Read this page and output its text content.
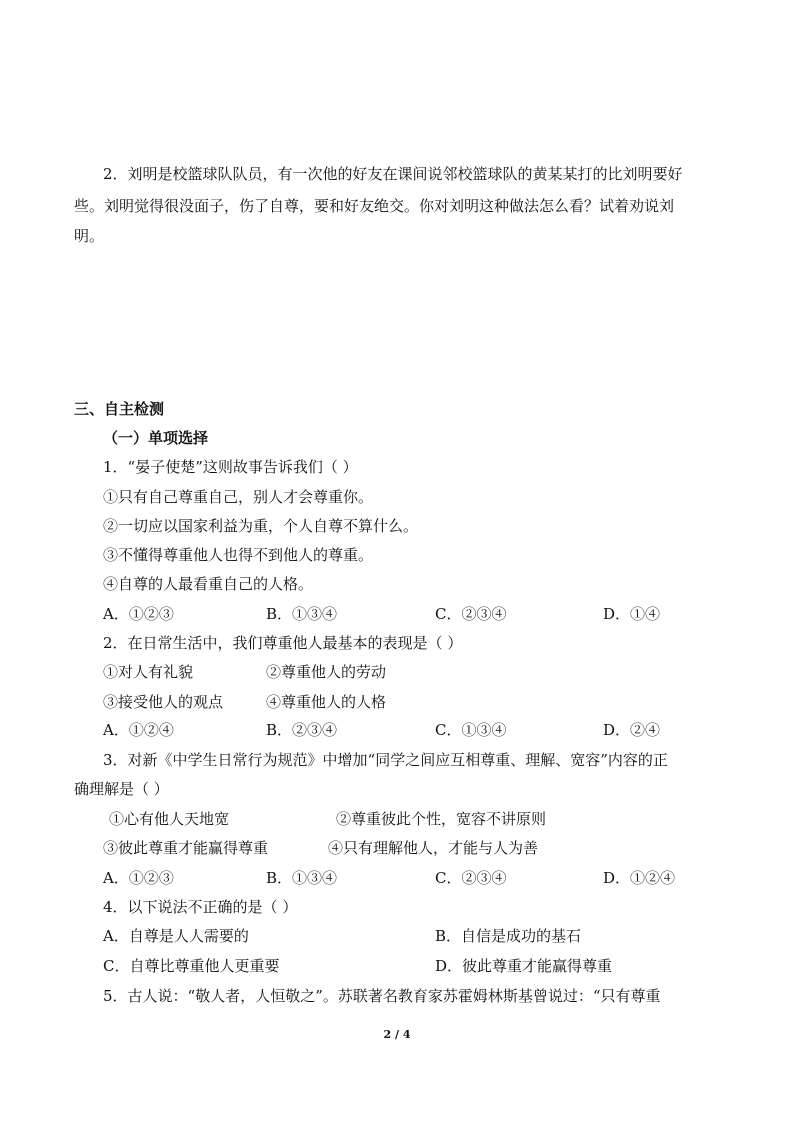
2．刘明是校篮球队队员，有一次他的好友在课间说邻校篮球队的黄某某打的比刘明要好
些。刘明觉得很没面子，伤了自尊，要和好友绝交。你对刘明这种做法怎么看？试着劝说刘
明。
三、自主检测
（一）单项选择
1．“晏子使楚”这则故事告诉我们（ ）
①只有自己尊重自己，别人才会尊重你。
②一切应以国家利益为重，个人自尊不算什么。
③不懂得尊重他人也得不到他人的尊重。
④自尊的人最看重自己的人格。
A．①②③	B．①③④	C．②③④	D．①④
2．在日常生活中，我们尊重他人最基本的表现是（ ）
①对人有礼貌	②尊重他人的劳动
③接受他人的观点	④尊重他人的人格
A．①②④	B．②③④	C．①③④	D．②④
3．对新《中学生日常行为规范》中增加“同学之间应互相尊重、理解、宽容”内容的正
确理解是（ ）
①心有他人天地宽	②尊重彼此个性，宽容不讲原则
③彼此尊重才能赢得尊重	④只有理解他人，才能与人为善
A．①②③	B．①③④	C．②③④	D．①②④
4．以下说法不正确的是（ ）
A．自尊是人人需要的	B．自信是成功的基石
C．自尊比尊重他人更重要	D．彼此尊重才能赢得尊重
5．古人说：“敬人者，人恒敬之”。苏联著名教育家苏霍姆林斯基曾说过：“只有尊重
2 / 4
